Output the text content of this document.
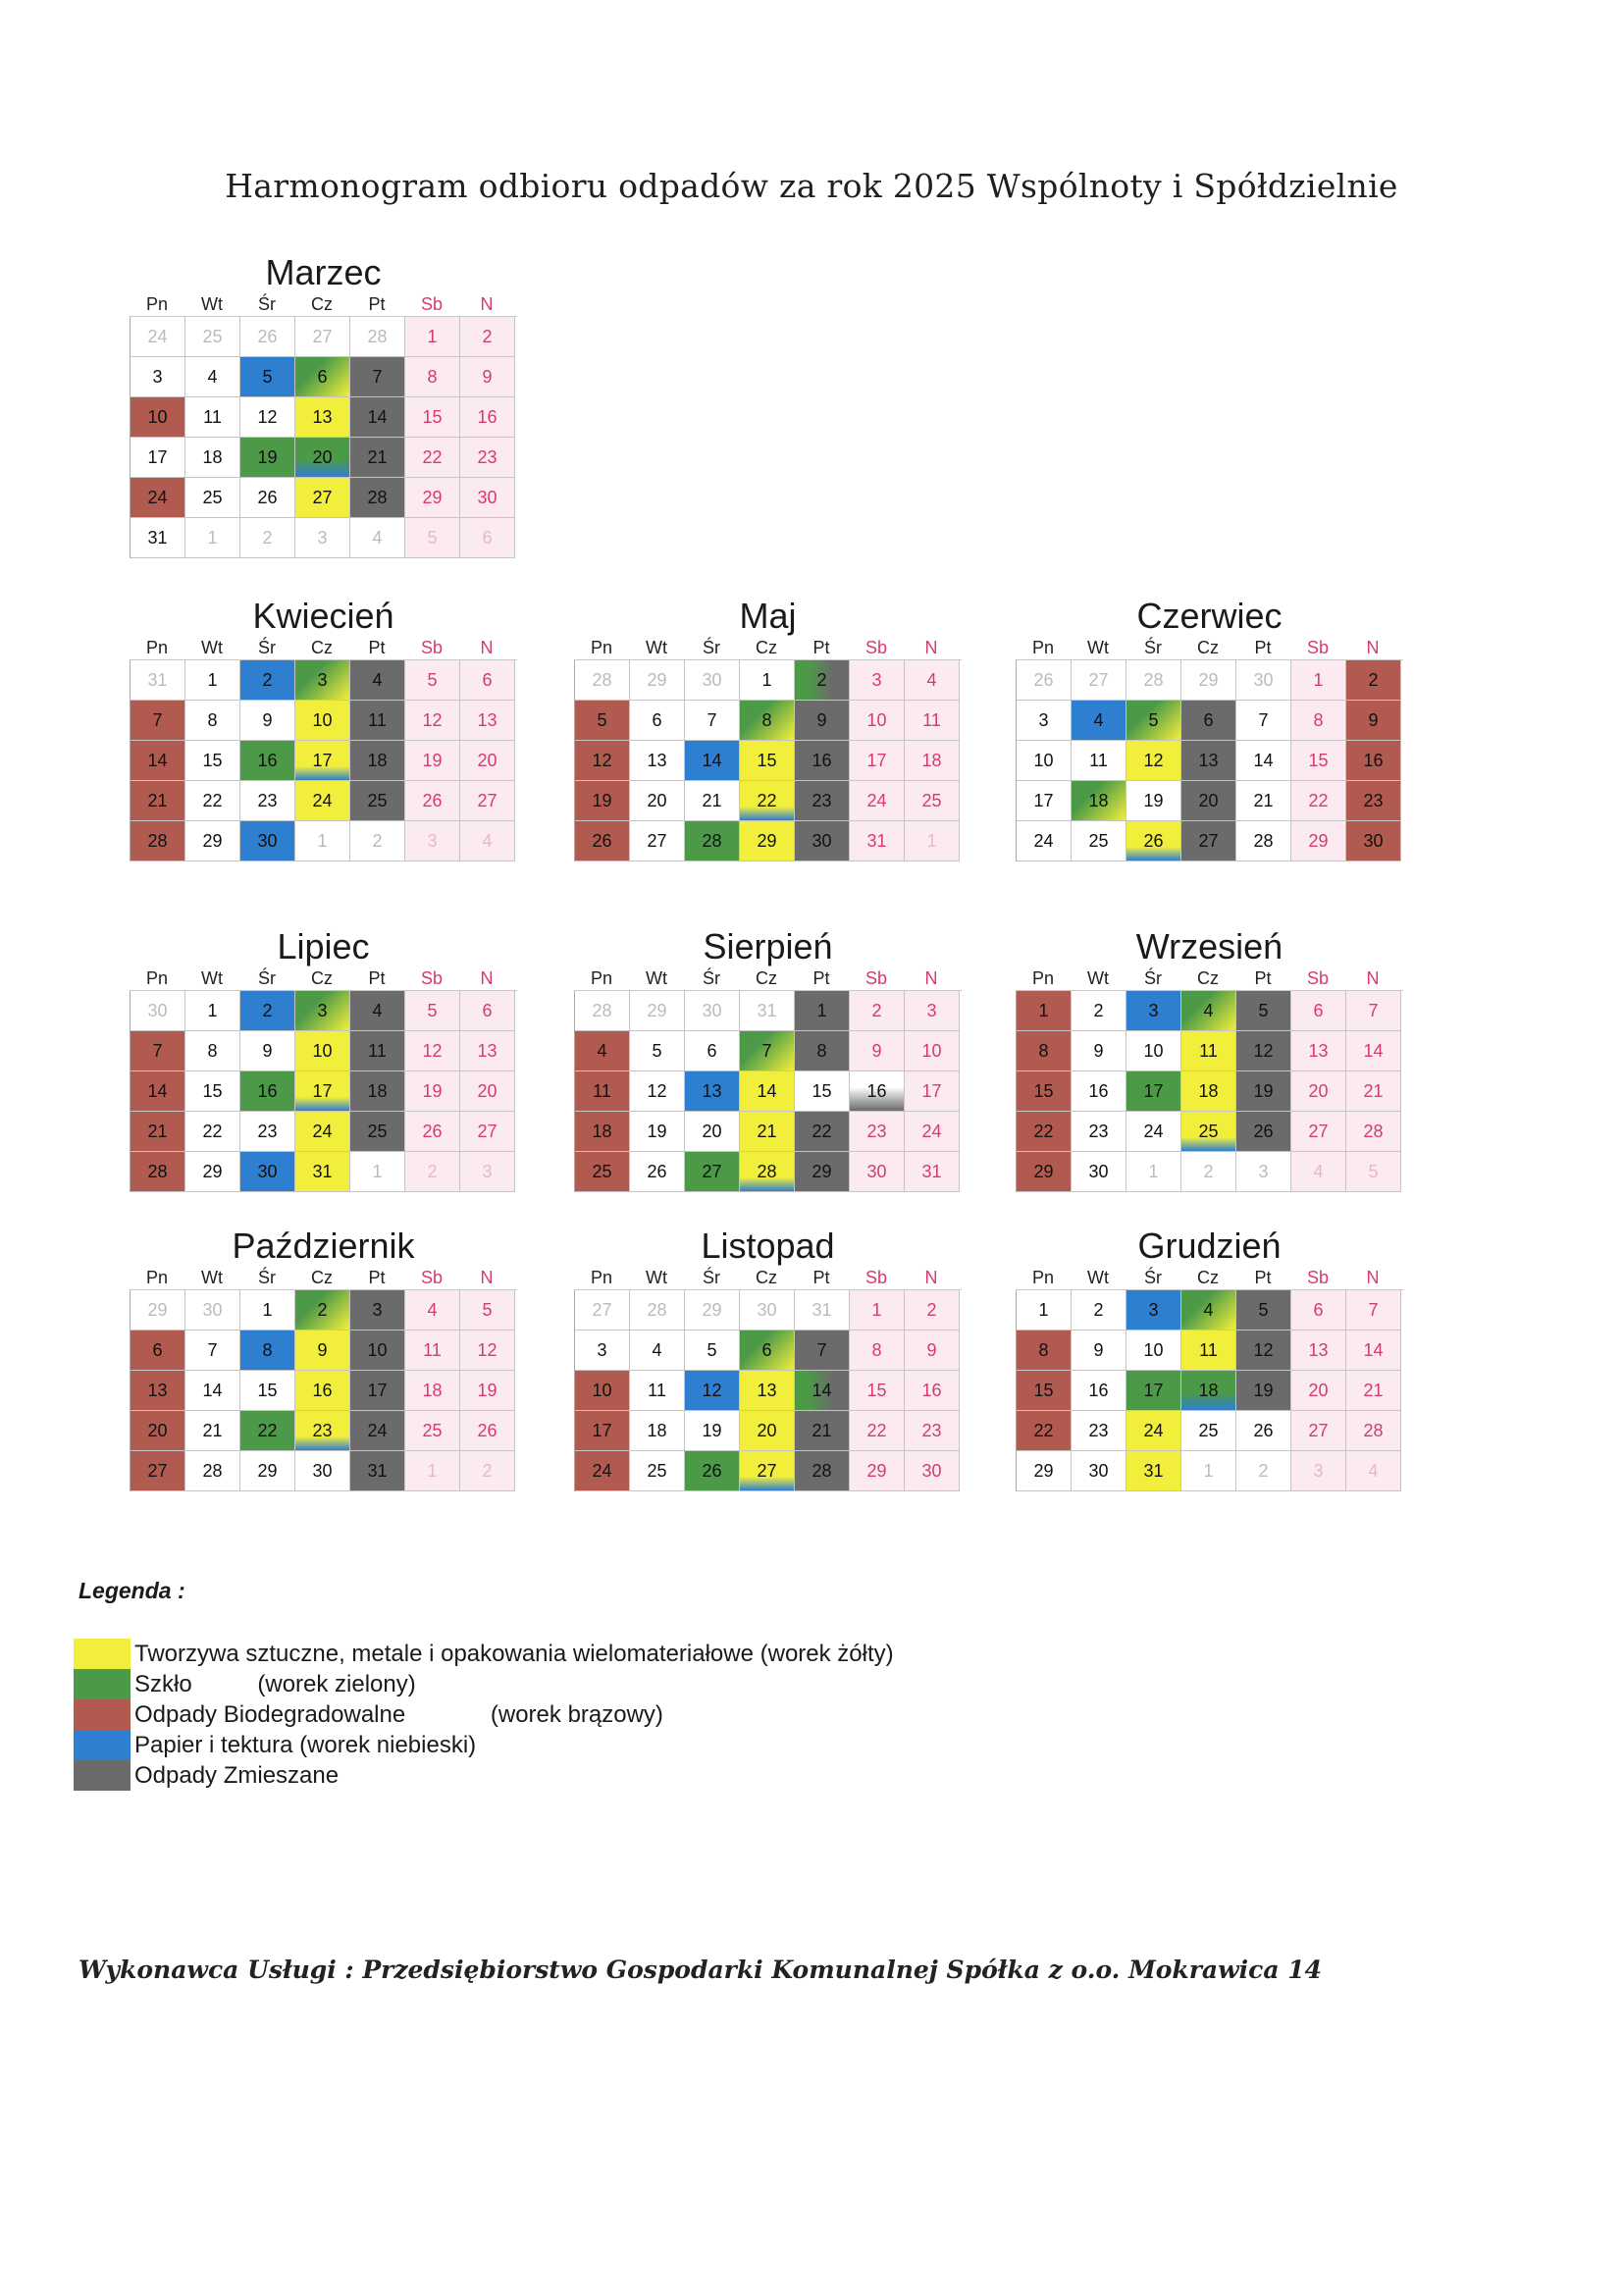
Harmonogram odbioru odpadów za rok 2025 Wspólnoty i Spółdzielnie
Marzec
Pn	Wt	Śr	Cz	Pt	Sb	N
24	25	26	27	28	1	2
3	4	5	6	7	8	9
10	11	12	13	14	15	16
17	18	19	20	21	22	23
24	25	26	27	28	29	30
31	1	2	3	4	5	6
Kwiecień
Pn	Wt	Śr	Cz	Pt	Sb	N
31	1	2	3	4	5	6
7	8	9	10	11	12	13
14	15	16	17	18	19	20
21	22	23	24	25	26	27
28	29	30	1	2	3	4
Maj
Pn	Wt	Śr	Cz	Pt	Sb	N
28	29	30	1	2	3	4
5	6	7	8	9	10	11
12	13	14	15	16	17	18
19	20	21	22	23	24	25
26	27	28	29	30	31	1
Czerwiec
Pn	Wt	Śr	Cz	Pt	Sb	N
26	27	28	29	30	1	2
3	4	5	6	7	8	9
10	11	12	13	14	15	16
17	18	19	20	21	22	23
24	25	26	27	28	29	30
Lipiec
Pn	Wt	Śr	Cz	Pt	Sb	N
30	1	2	3	4	5	6
7	8	9	10	11	12	13
14	15	16	17	18	19	20
21	22	23	24	25	26	27
28	29	30	31	1	2	3
Sierpień
Pn	Wt	Śr	Cz	Pt	Sb	N
28	29	30	31	1	2	3
4	5	6	7	8	9	10
11	12	13	14	15	16	17
18	19	20	21	22	23	24
25	26	27	28	29	30	31
Wrzesień
Pn	Wt	Śr	Cz	Pt	Sb	N
1	2	3	4	5	6	7
8	9	10	11	12	13	14
15	16	17	18	19	20	21
22	23	24	25	26	27	28
29	30	1	2	3	4	5
Październik
Pn	Wt	Śr	Cz	Pt	Sb	N
29	30	1	2	3	4	5
6	7	8	9	10	11	12
13	14	15	16	17	18	19
20	21	22	23	24	25	26
27	28	29	30	31	1	2
Listopad
Pn	Wt	Śr	Cz	Pt	Sb	N
27	28	29	30	31	1	2
3	4	5	6	7	8	9
10	11	12	13	14	15	16
17	18	19	20	21	22	23
24	25	26	27	28	29	30
Grudzień
Pn	Wt	Śr	Cz	Pt	Sb	N
1	2	3	4	5	6	7
8	9	10	11	12	13	14
15	16	17	18	19	20	21
22	23	24	25	26	27	28
29	30	31	1	2	3	4
Legenda :
Tworzywa sztuczne, metale i opakowania wielomateriałowe (worek żółty)
Szkło          (worek zielony)
Odpady Biodegradowalne             (worek brązowy)
Papier i tektura (worek niebieski)
Odpady Zmieszane
Wykonawca Usługi : Przedsiębiorstwo Gospodarki Komunalnej Spółka z o.o. Mokrawica 14
